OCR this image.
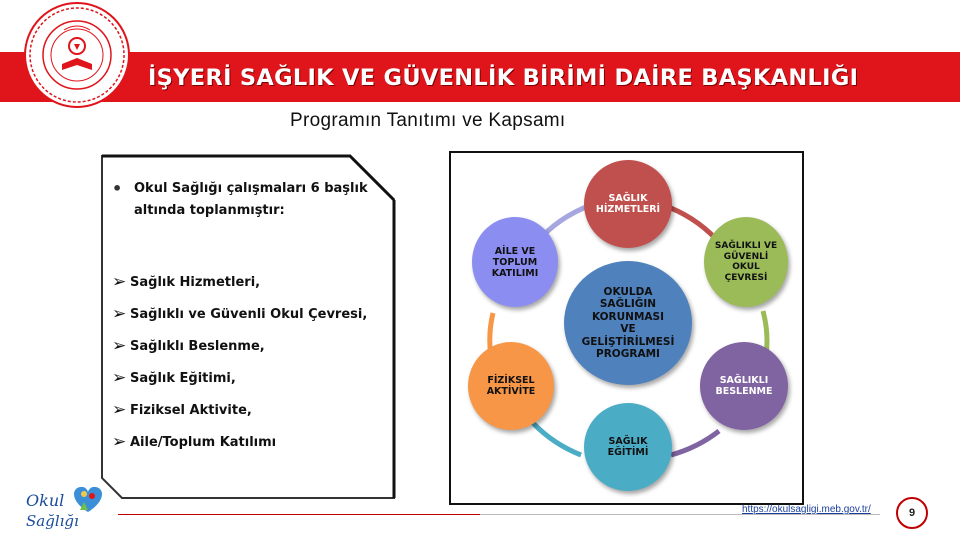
İŞYERİ SAĞLIK VE GÜVENLİK BİRİMİ DAİRE BAŞKANLIĞI
Programın Tanıtımı ve Kapsamı
• Okul Sağlığı çalışmaları 6 başlık
altında toplanmıştır:
➢ Sağlık Hizmetleri,
➢ Sağlıklı ve Güvenli Okul Çevresi,
➢ Sağlıklı Beslenme,
➢ Sağlık Eğitimi,
➢ Fiziksel Aktivite,
➢ Aile/Toplum Katılımı
OKULDA
SAĞLIĞIN
KORUNMASI
VE
GELİŞTİRİLMESİ
PROGRAMI
SAĞLIK
HİZMETLERİ
SAĞLIKLI VE
GÜVENLİ
OKUL
ÇEVRESİ
SAĞLIKLI
BESLENME
SAĞLIK
EĞİTİMİ
FİZİKSEL
AKTİVİTE
AİLE VE
TOPLUM
KATILIMI
Okul
Sağlığı
https://okulsagligi.meb.gov.tr/	9
